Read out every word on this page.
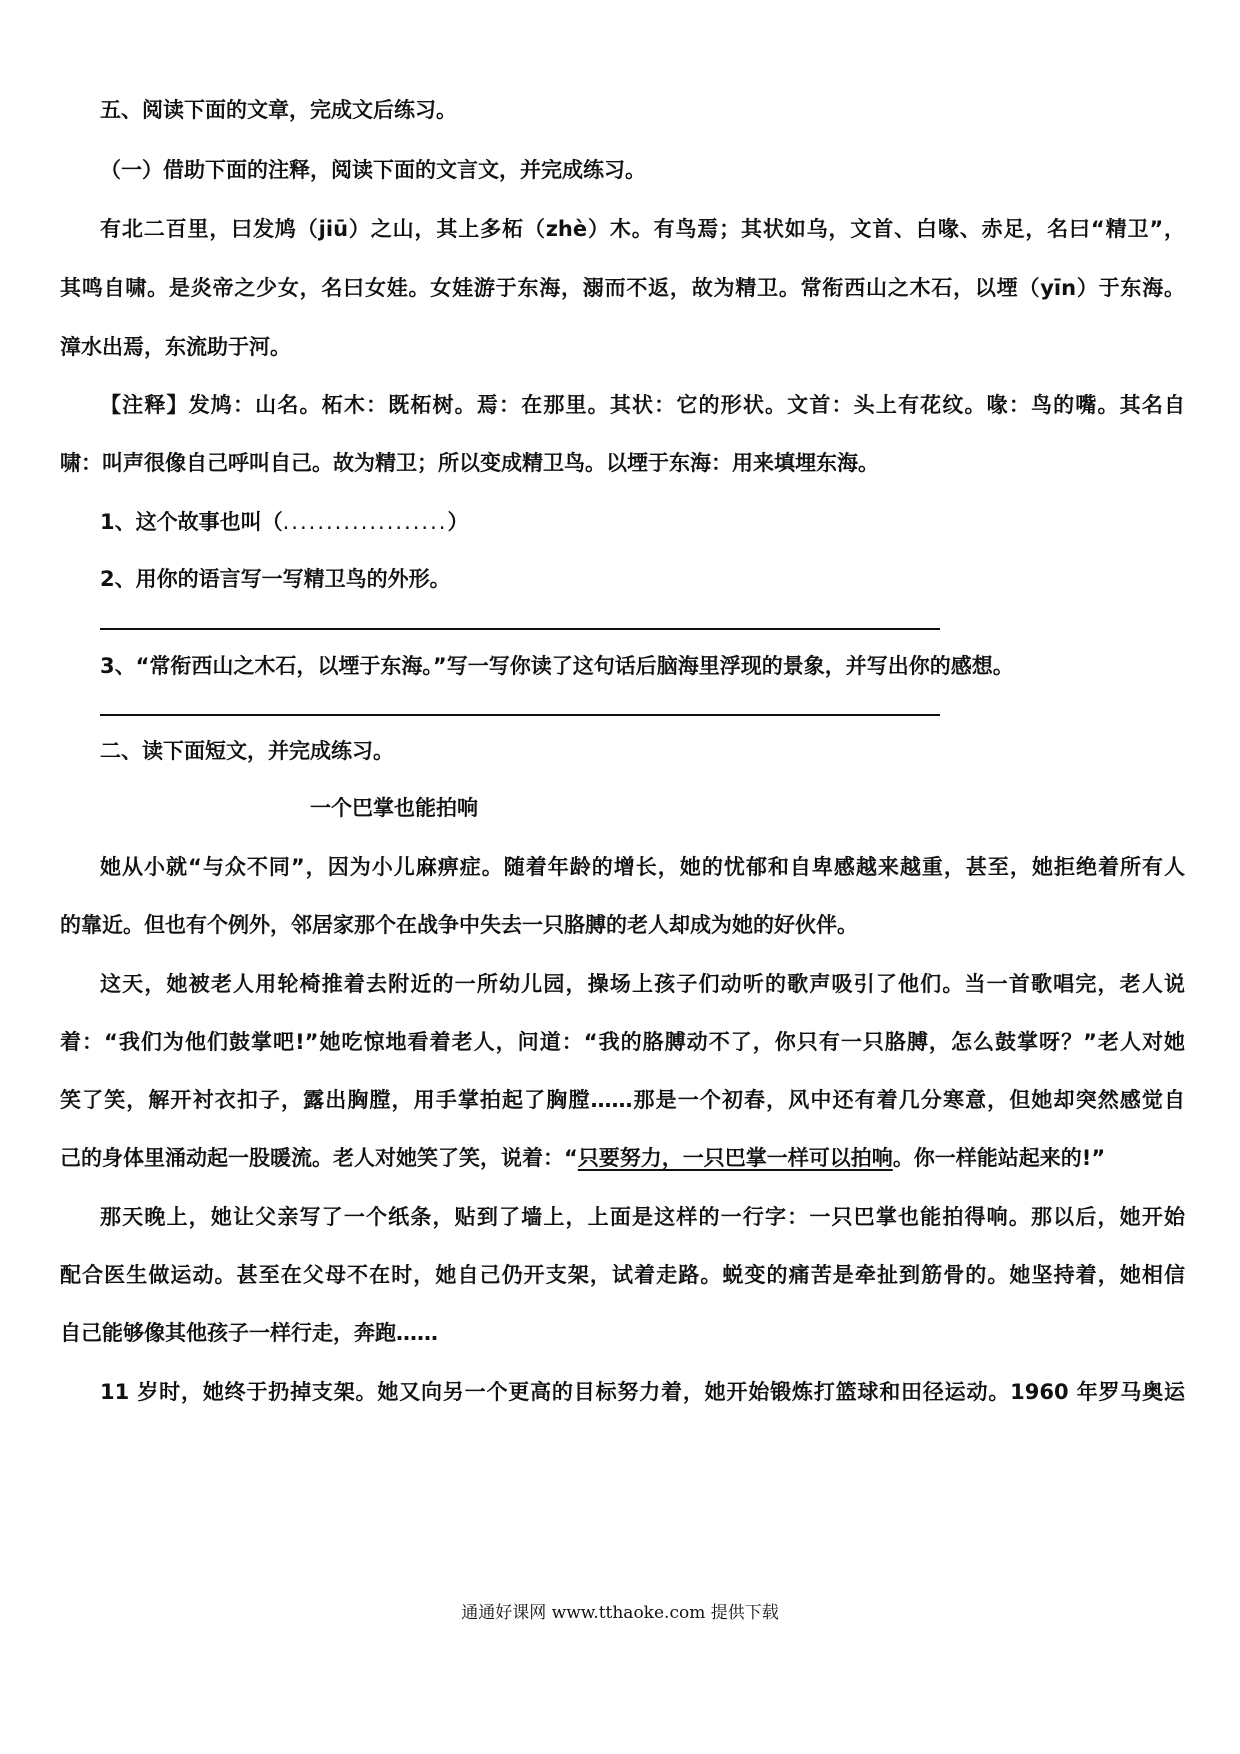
五、阅读下面的文章，完成文后练习。
（一）借助下面的注释，阅读下面的文言文，并完成练习。
有北二百里，曰发鸠（jiū）之山，其上多柘（zhè）木。有鸟焉；其状如乌，文首、白喙、赤足，名曰“精卫”，
其鸣自啸。是炎帝之少女，名曰女娃。女娃游于东海，溺而不返，故为精卫。常衔西山之木石，以堙（yīn）于东海。
漳水出焉，东流助于河。
【注释】发鸠：山名。柘木：既柘树。焉：在那里。其状：它的形状。文首：头上有花纹。喙：鸟的嘴。其名自
啸：叫声很像自己呼叫自己。故为精卫；所以变成精卫鸟。以堙于东海：用来填埋东海。
1、这个故事也叫（...................）
2、用你的语言写一写精卫鸟的外形。
3、“常衔西山之木石，以堙于东海。”写一写你读了这句话后脑海里浮现的景象，并写出你的感想。
二、读下面短文，并完成练习。
一个巴掌也能拍响
她从小就“与众不同”，因为小儿麻痹症。随着年龄的增长，她的忧郁和自卑感越来越重，甚至，她拒绝着所有人
的靠近。但也有个例外，邻居家那个在战争中失去一只胳膊的老人却成为她的好伙伴。
这天，她被老人用轮椅推着去附近的一所幼儿园，操场上孩子们动听的歌声吸引了他们。当一首歌唱完，老人说
着：“我们为他们鼓掌吧!”她吃惊地看着老人，问道：“我的胳膊动不了，你只有一只胳膊，怎么鼓掌呀？”老人对她
笑了笑，解开衬衣扣子，露出胸膛，用手掌拍起了胸膛……那是一个初春，风中还有着几分寒意，但她却突然感觉自
己的身体里涌动起一股暖流。老人对她笑了笑，说着：“只要努力，一只巴掌一样可以拍响。你一样能站起来的!”
那天晚上，她让父亲写了一个纸条，贴到了墙上，上面是这样的一行字：一只巴掌也能拍得响。那以后，她开始
配合医生做运动。甚至在父母不在时，她自己仍开支架，试着走路。蜕变的痛苦是牵扯到筋骨的。她坚持着，她相信
自己能够像其他孩子一样行走，奔跑……
11 岁时，她终于扔掉支架。她又向另一个更高的目标努力着，她开始锻炼打篮球和田径运动。1960 年罗马奥运
通通好课网 www.tthaoke.com 提供下载
